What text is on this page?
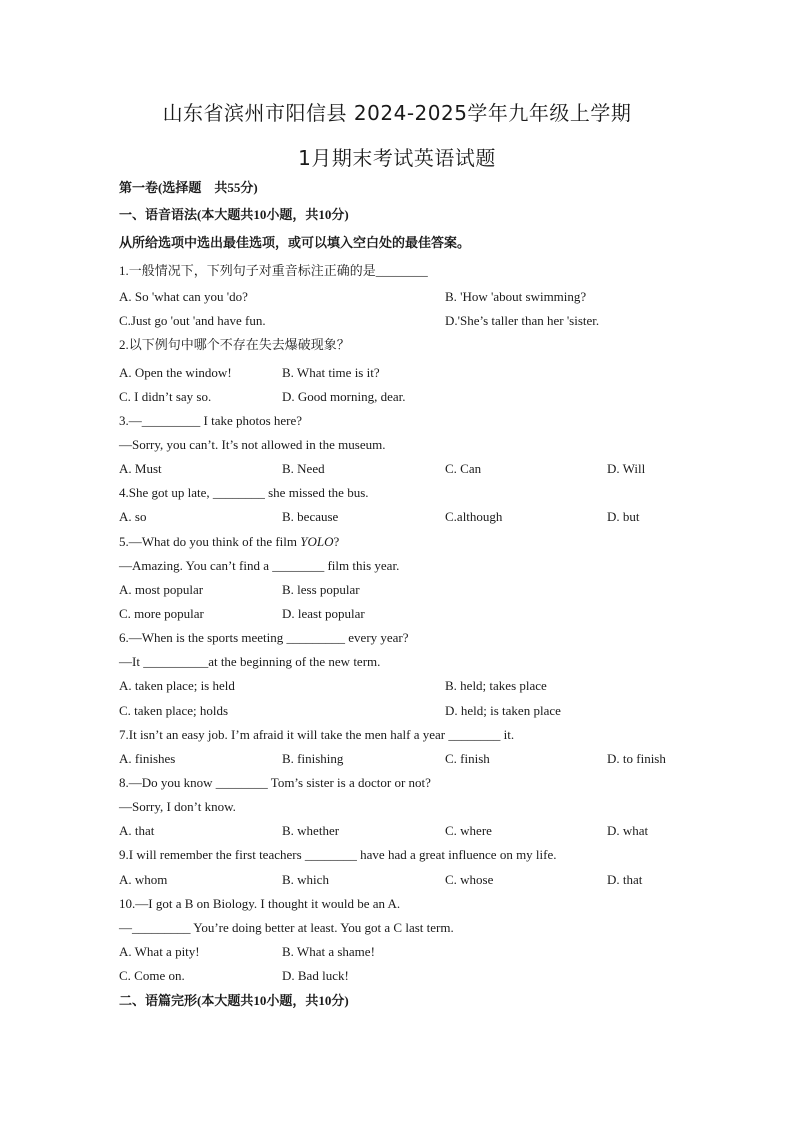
山东省滨州市阳信县 2024-2025学年九年级上学期
1月期末考试英语试题
第一卷(选择题　共55分)
一、语音语法(本大题共10小题，共10分)
从所给选项中选出最佳选项，或可以填入空白处的最佳答案。
1.一般情况下，下列句子对重音标注正确的是________
A. So 'what can you 'do?	B. 'How 'about swimming?
C.Just go 'out 'and have fun.	D.'She’s taller than her 'sister.
2.以下例句中哪个不存在失去爆破现象？
A. Open the window!	B. What time is it?
C. I didn’t say so.	D. Good morning, dear.
3.—_________ I take photos here?
—Sorry, you can’t. It’s not allowed in the museum.
A. Must	B. Need	C. Can	D. Will
4.She got up late, ________ she missed the bus.
A. so	B. because	C.although	D. but
5.—What do you think of the film YOLO?
—Amazing. You can’t find a ________ film this year.
A. most popular	B. less popular
C. more popular	D. least popular
6.—When is the sports meeting _________ every year?
—It __________at the beginning of the new term.
A. taken place; is held	B. held; takes place
C. taken place; holds	D. held; is taken place
7.It isn’t an easy job. I’m afraid it will take the men half a year ________ it.
A. finishes	B. finishing	C. finish	D. to finish
8.—Do you know ________ Tom’s sister is a doctor or not?
—Sorry, I don’t know.
A. that	B. whether	C. where	D. what
9.I will remember the first teachers ________ have had a great influence on my life.
A. whom	B. which	C. whose	D. that
10.—I got a B on Biology. I thought it would be an A.
—_________ You’re doing better at least. You got a C last term.
A. What a pity!	B. What a shame!
C. Come on.	D. Bad luck!
二、语篇完形(本大题共10小题，共10分)
